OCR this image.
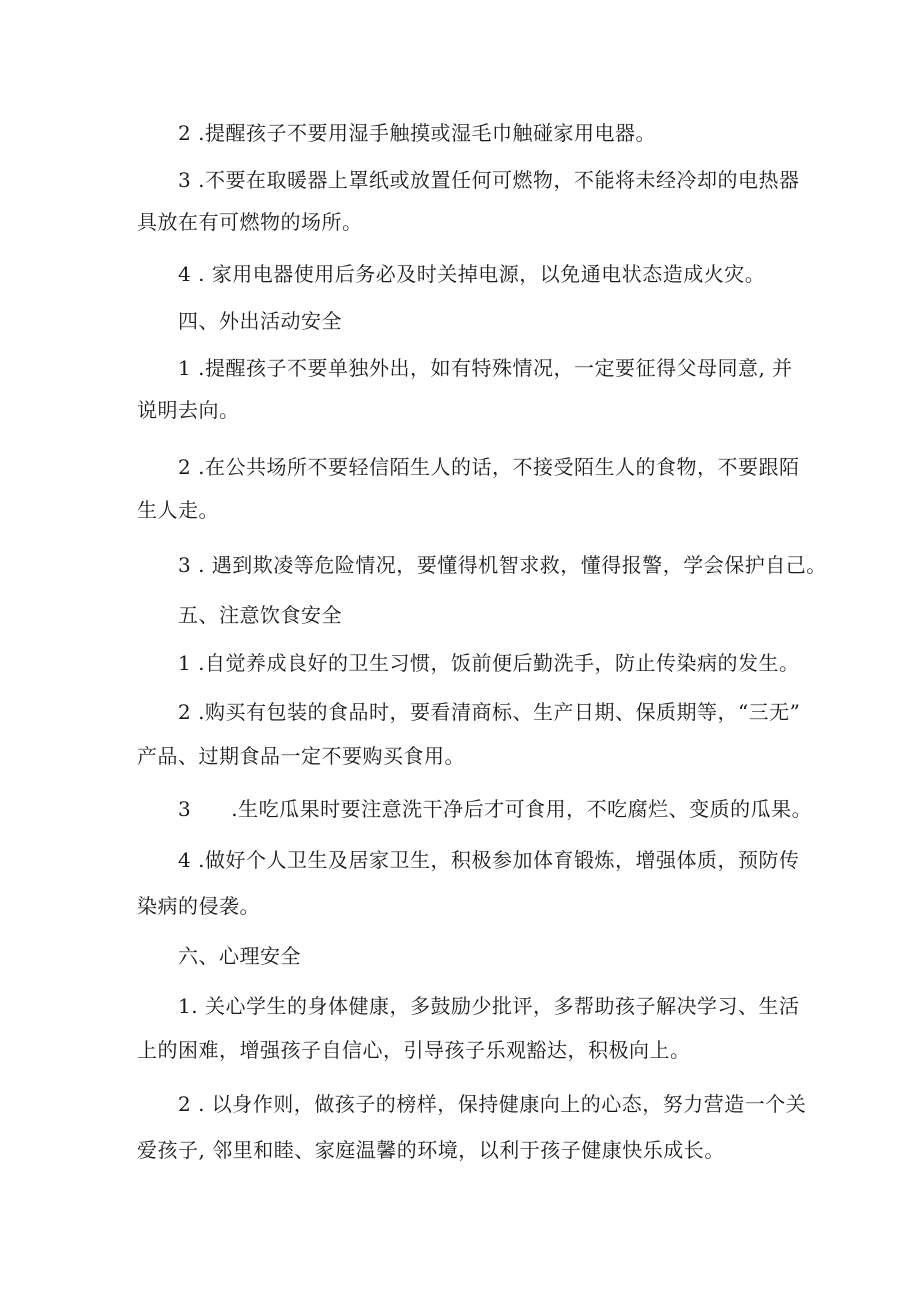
2 .提醒孩子不要用湿手触摸或湿毛巾触碰家用电器。
3 .不要在取暖器上罩纸或放置任何可燃物，不能将未经冷却的电热器
具放在有可燃物的场所。
4 . 家用电器使用后务必及时关掉电源，以免通电状态造成火灾。
四、外出活动安全
1 .提醒孩子不要单独外出，如有特殊情况，一定要征得父母同意, 并
说明去向。
2 .在公共场所不要轻信陌生人的话，不接受陌生人的食物，不要跟陌
生人走。
3 . 遇到欺凌等危险情况，要懂得机智求救，懂得报警，学会保护自己。
五、注意饮食安全
1 .自觉养成良好的卫生习惯，饭前便后勤洗手，防止传染病的发生。
2 .购买有包装的食品时，要看清商标、生产日期、保质期等，“三无”
产品、过期食品一定不要购买食用。
3 .生吃瓜果时要注意洗干净后才可食用，不吃腐烂、变质的瓜果。
4 .做好个人卫生及居家卫生，积极参加体育锻炼，增强体质，预防传
染病的侵袭。
六、心理安全
1. 关心学生的身体健康，多鼓励少批评，多帮助孩子解决学习、生活
上的困难，增强孩子自信心，引导孩子乐观豁达，积极向上。
2 . 以身作则，做孩子的榜样，保持健康向上的心态，努力营造一个关
爱孩子, 邻里和睦、家庭温馨的环境，以利于孩子健康快乐成长。
